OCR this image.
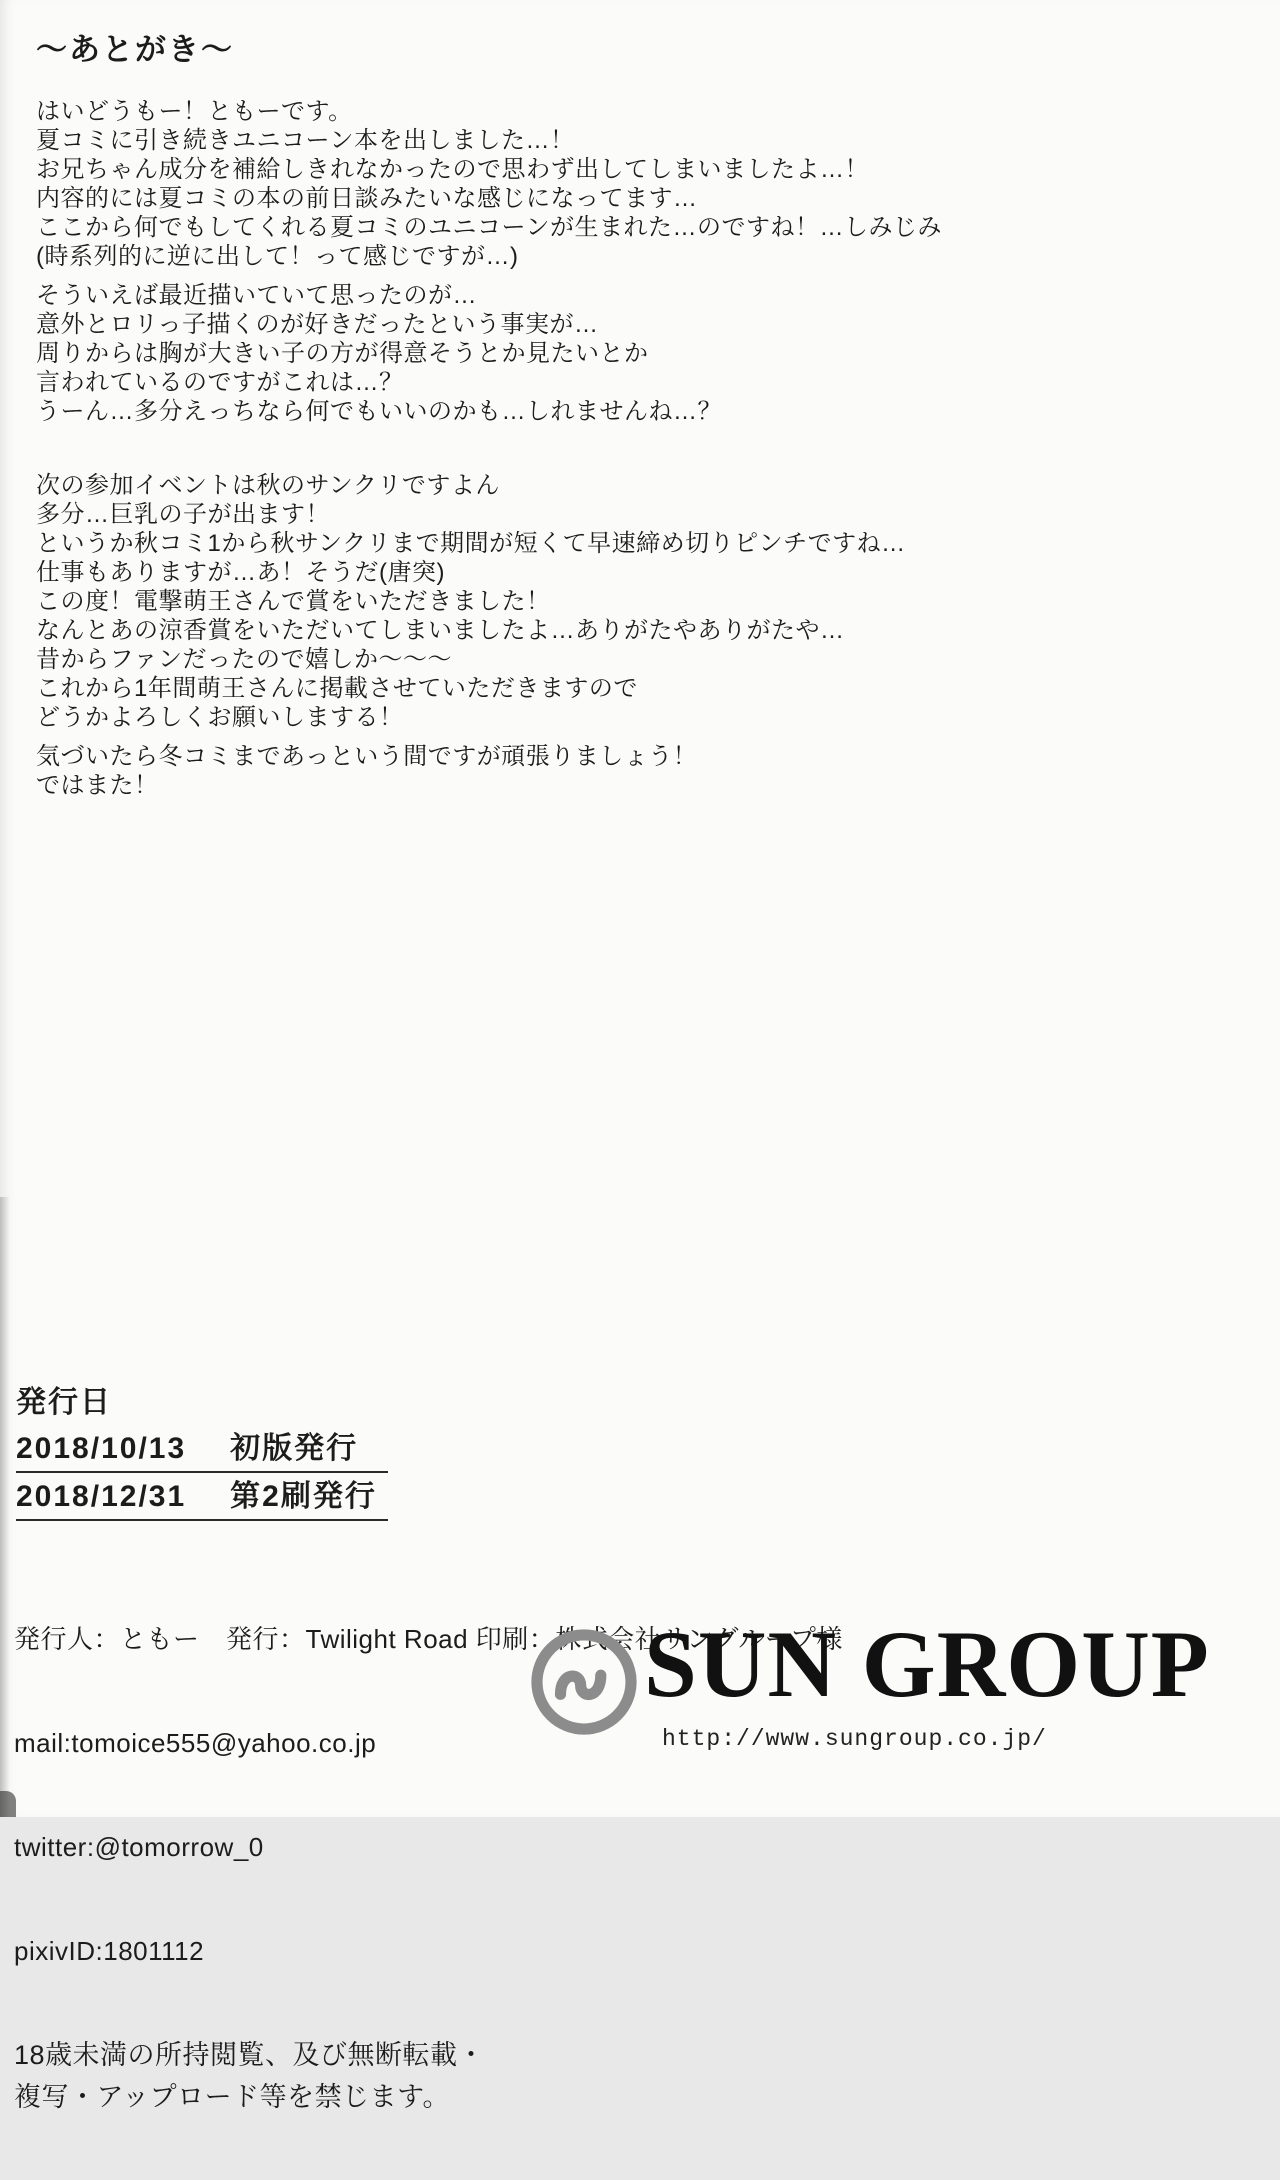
～あとがき～
はいどうもー！ともーです。
夏コミに引き続きユニコーン本を出しました…！
お兄ちゃん成分を補給しきれなかったので思わず出してしまいましたよ…！
内容的には夏コミの本の前日談みたいな感じになってます…
ここから何でもしてくれる夏コミのユニコーンが生まれた…のですね！…しみじみ
(時系列的に逆に出して！って感じですが…)
そういえば最近描いていて思ったのが…
意外とロリっ子描くのが好きだったという事実が…
周りからは胸が大きい子の方が得意そうとか見たいとか
言われているのですがこれは…？
うーん…多分えっちなら何でもいいのかも…しれませんね…？
次の参加イベントは秋のサンクリですよん
多分…巨乳の子が出ます！
というか秋コミ1から秋サンクリまで期間が短くて早速締め切りピンチですね…
仕事もありますが…あ！そうだ(唐突)
この度！電撃萌王さんで賞をいただきました！
なんとあの涼香賞をいただいてしまいましたよ…ありがたやありがたや…
昔からファンだったので嬉しか～～～
これから1年間萌王さんに掲載させていただきますので
どうかよろしくお願いしまする！
気づいたら冬コミまであっという間ですが頑張りましょう！
ではまた！
発行日
2018/10/13 初版発行
2018/12/31 第2刷発行

発行人：ともー　発行：Twilight Road 印刷：株式会社サングループ様

mail:tomoice555@yahoo.co.jp

twitter:@tomorrow_0

pixivID:1801112

18歳未満の所持閲覧、及び無断転載・
複写・アップロード等を禁じます。

SUN GROUP
http://www.sungroup.co.jp/
